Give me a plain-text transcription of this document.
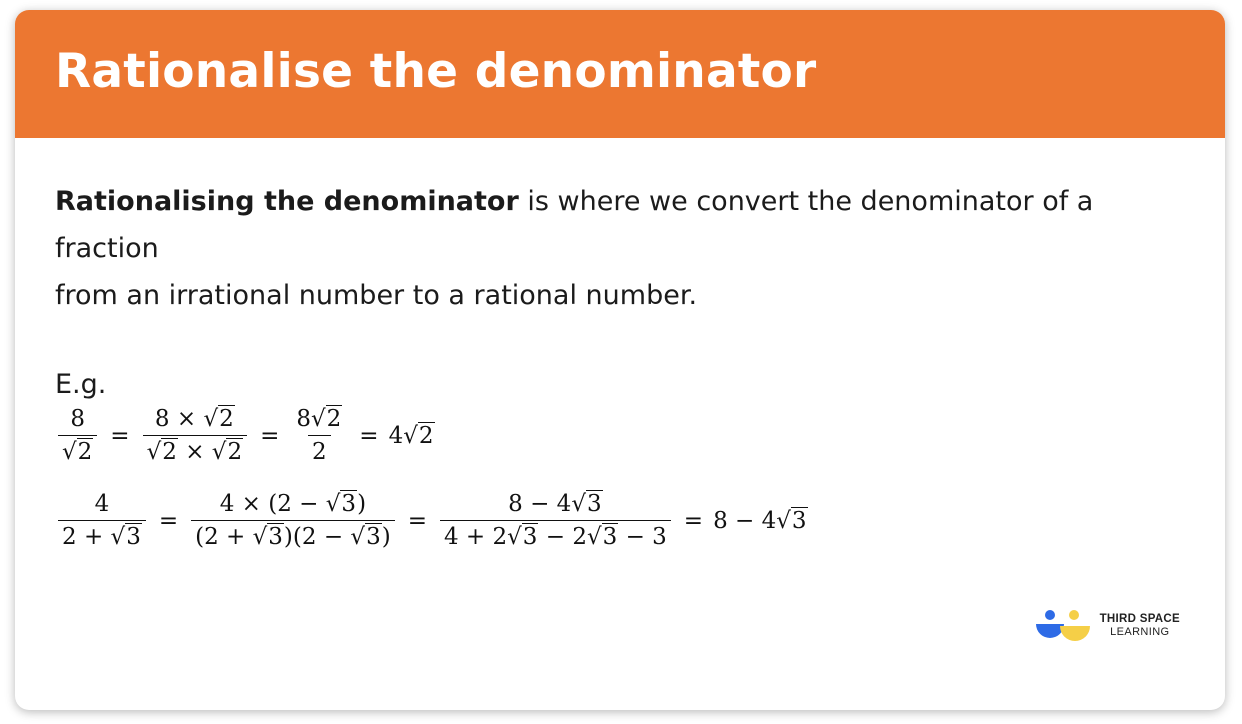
Rationalise the denominator

Rationalising the denominator is where we convert the denominator of a fraction
from an irrational number to a rational number.

E.g.
$\frac{8}{√2} = \frac{8 \times √2}{√2 \times √2} = \frac{8√2}{2} = 4√2$
$\frac{4}{2 + √3} = \frac{4 \times (2 - √3)}{(2 + √3)(2 - √3)} = \frac{8 - 4√3}{4 + 2√3 - 2√3 - 3} = 8 - 4√3$
THIRD SPACE
LEARNING
